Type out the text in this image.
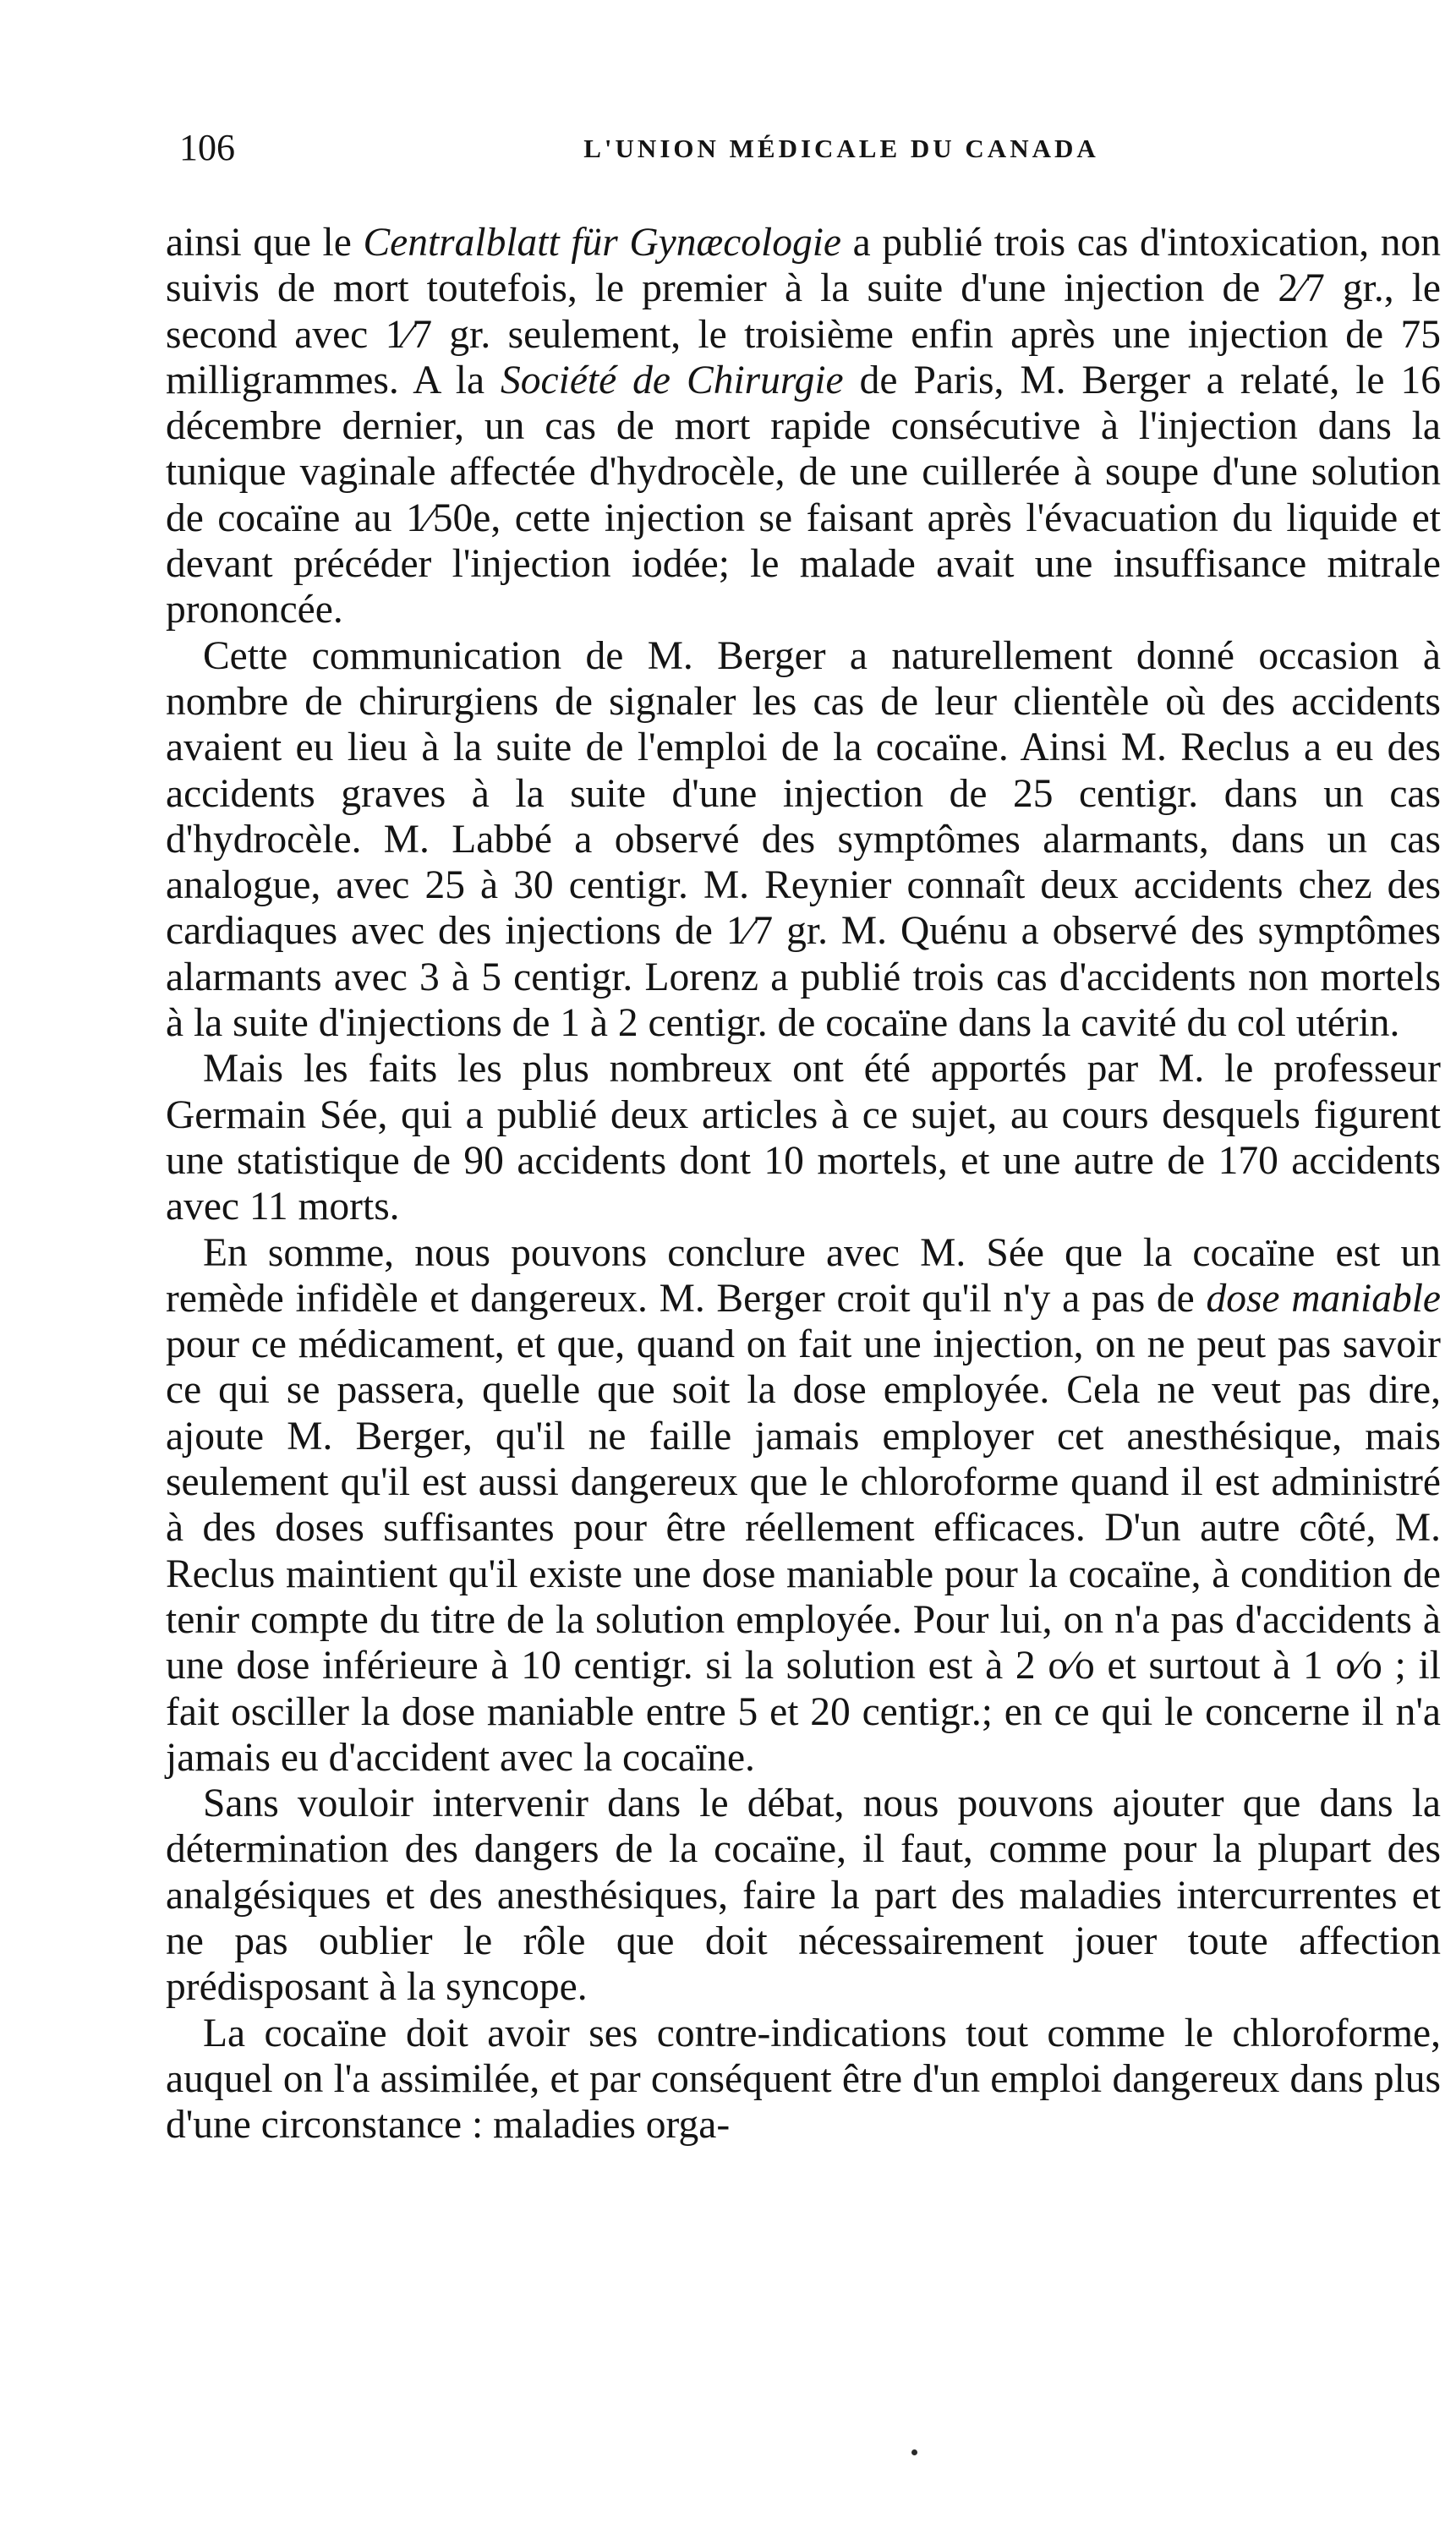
106	L'UNION MÉDICALE DU CANADA

ainsi que le Centralblatt für Gynæcologie a publié trois cas d'intoxication, non suivis de mort toutefois, le premier à la suite d'une injection de 2⁄7 gr., le second avec 1⁄7 gr. seulement, le troisième enfin après une injection de 75 milligrammes. A la Société de Chirurgie de Paris, M. Berger a relaté, le 16 décembre dernier, un cas de mort rapide consécutive à l'injection dans la tunique vaginale affectée d'hydrocèle, de une cuillerée à soupe d'une solution de cocaïne au 1⁄50e, cette injection se faisant après l'évacuation du liquide et devant précéder l'injection iodée; le malade avait une insuffisance mitrale prononcée.

Cette communication de M. Berger a naturellement donné occasion à nombre de chirurgiens de signaler les cas de leur clientèle où des accidents avaient eu lieu à la suite de l'emploi de la cocaïne. Ainsi M. Reclus a eu des accidents graves à la suite d'une injection de 25 centigr. dans un cas d'hydrocèle. M. Labbé a observé des symptômes alarmants, dans un cas analogue, avec 25 à 30 centigr. M. Reynier connaît deux accidents chez des cardiaques avec des injections de 1⁄7 gr. M. Quénu a observé des symptômes alarmants avec 3 à 5 centigr. Lorenz a publié trois cas d'accidents non mortels à la suite d'injections de 1 à 2 centigr. de cocaïne dans la cavité du col utérin.

Mais les faits les plus nombreux ont été apportés par M. le professeur Germain Sée, qui a publié deux articles à ce sujet, au cours desquels figurent une statistique de 90 accidents dont 10 mortels, et une autre de 170 accidents avec 11 morts.

En somme, nous pouvons conclure avec M. Sée que la cocaïne est un remède infidèle et dangereux. M. Berger croit qu'il n'y a pas de dose maniable pour ce médicament, et que, quand on fait une injection, on ne peut pas savoir ce qui se passera, quelle que soit la dose employée. Cela ne veut pas dire, ajoute M. Berger, qu'il ne faille jamais employer cet anesthésique, mais seulement qu'il est aussi dangereux que le chloroforme quand il est administré à des doses suffisantes pour être réellement efficaces. D'un autre côté, M. Reclus maintient qu'il existe une dose maniable pour la cocaïne, à condition de tenir compte du titre de la solution employée. Pour lui, on n'a pas d'accidents à une dose inférieure à 10 centigr. si la solution est à 2 o⁄o et surtout à 1 o⁄o ; il fait osciller la dose maniable entre 5 et 20 centigr.; en ce qui le concerne il n'a jamais eu d'accident avec la cocaïne.

Sans vouloir intervenir dans le débat, nous pouvons ajouter que dans la détermination des dangers de la cocaïne, il faut, comme pour la plupart des analgésiques et des anesthésiques, faire la part des maladies intercurrentes et ne pas oublier le rôle que doit nécessairement jouer toute affection prédisposant à la syncope.

La cocaïne doit avoir ses contre-indications tout comme le chloroforme, auquel on l'a assimilée, et par conséquent être d'un emploi dangereux dans plus d'une circonstance : maladies orga-
